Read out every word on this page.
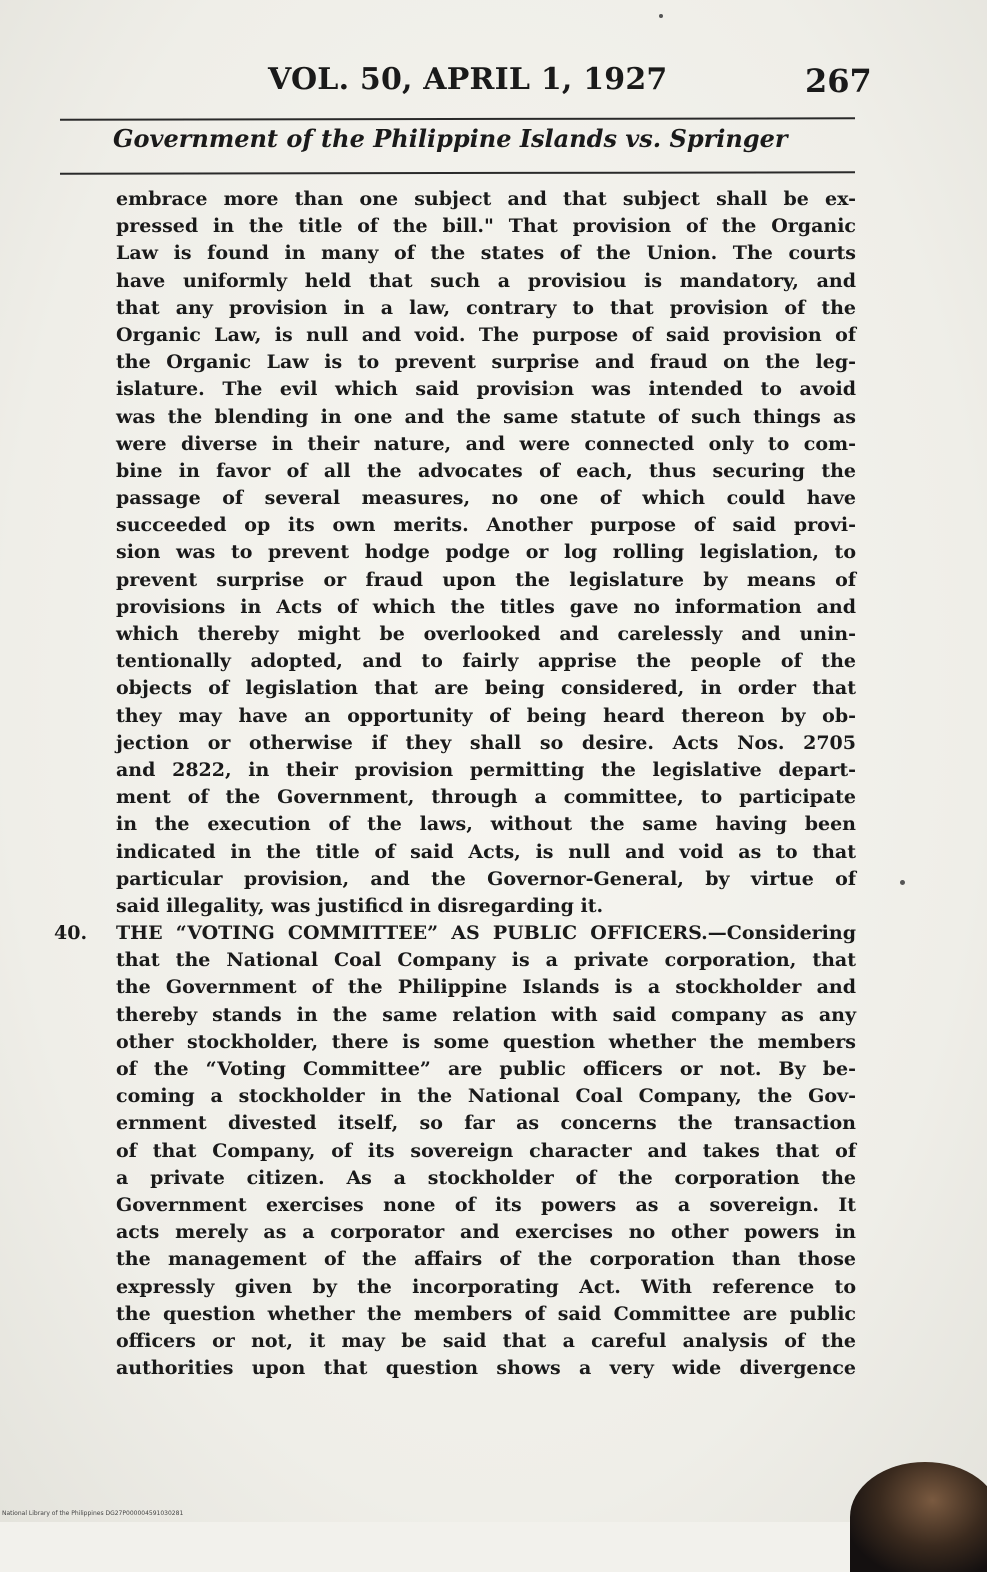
VOL. 50, APRIL 1, 1927	267
Government of the Philippine Islands vs. Springer
embrace more than one subject and that subject shall be ex-
pressed in the title of the bill." That provision of the Organic
Law is found in many of the states of the Union. The courts
have uniformly held that such a provisiou is mandatory, and
that any provision in a law, contrary to that provision of the
Organic Law, is null and void. The purpose of said provision of
the Organic Law is to prevent surprise and fraud on the leg-
islature. The evil which said provisiɔn was intended to avoid
was the blending in one and the same statute of such things as
were diverse in their nature, and were connected only to com-
bine in favor of all the advocates of each, thus securing the
passage of several measures, no one of which could have
succeeded op its own merits. Another purpose of said provi-
sion was to prevent hodge podge or log rolling legislation, to
prevent surprise or fraud upon the legislature by means of
provisions in Acts of which the titles gave no information and
which thereby might be overlooked and carelessly and unin-
tentionally adopted, and to fairly apprise the people of the
objects of legislation that are being considered, in order that
they may have an opportunity of being heard thereon by ob-
jection or otherwise if they shall so desire. Acts Nos. 2705
and 2822, in their provision permitting the legislative depart-
ment of the Government, through a committee, to participate
in the execution of the laws, without the same having been
indicated in the title of said Acts, is null and void as to that
particular provision, and the Governor-General, by virtue of
said illegality, was justificd in disregarding it.
40. THE “VOTING COMMITTEE” AS PUBLIC OFFICERS.—Considering
that the National Coal Company is a private corporation, that
the Government of the Philippine Islands is a stockholder and
thereby stands in the same relation with said company as any
other stockholder, there is some question whether the members
of the “Voting Committee” are public officers or not. By be-
coming a stockholder in the National Coal Company, the Gov-
ernment divested itself, so far as concerns the transaction
of that Company, of its sovereign character and takes that of
a private citizen. As a stockholder of the corporation the
Government exercises none of its powers as a sovereign. It
acts merely as a corporator and exercises no other powers in
the management of the affairs of the corporation than those
expressly given by the incorporating Act. With reference to
the question whether the members of said Committee are public
officers or not, it may be said that a careful analysis of the
authorities upon that question shows a very wide divergence
National Library of the Philippines DG27P000004591030281
